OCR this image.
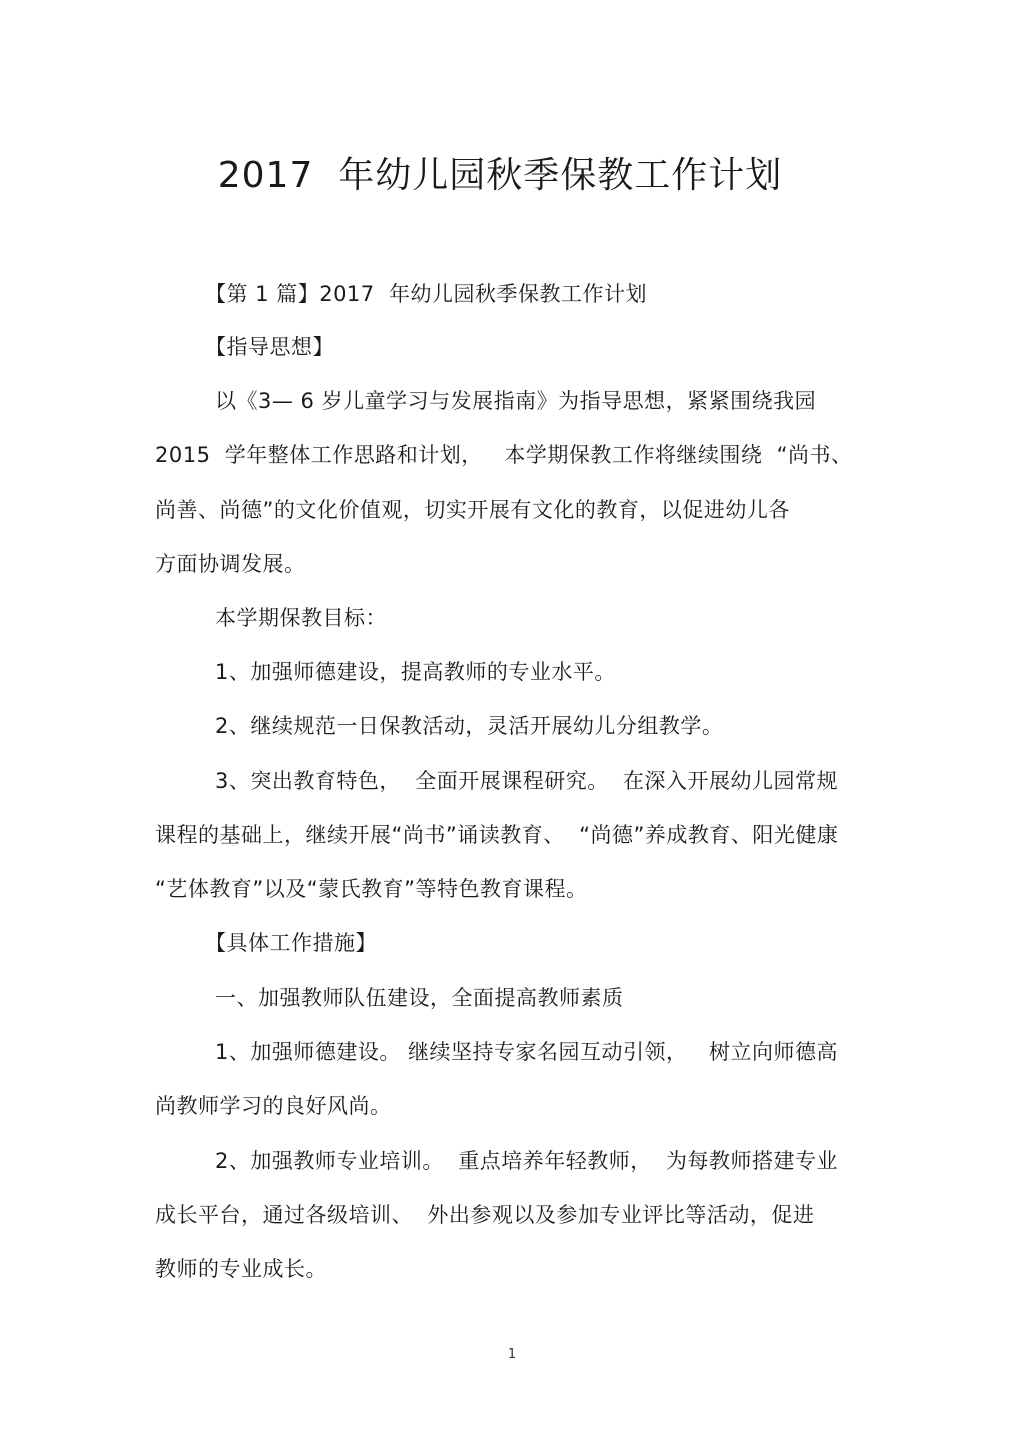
2017  年幼儿园秋季保教工作计划
【第 1 篇】2017  年幼儿园秋季保教工作计划
【指导思想】
以《3— 6 岁儿童学习与发展指南》为指导思想，紧紧围绕我园
2015  学年整体工作思路和计划，   本学期保教工作将继续围绕  “尚书、
尚善、尚德”的文化价值观，切实开展有文化的教育，以促进幼儿各
方面协调发展。
本学期保教目标：
1、加强师德建设，提高教师的专业水平。
2、继续规范一日保教活动，灵活开展幼儿分组教学。
3、突出教育特色，  全面开展课程研究。  在深入开展幼儿园常规
课程的基础上，继续开展“尚书”诵读教育、  “尚德”养成教育、阳光健康
“艺体教育”以及“蒙氏教育”等特色教育课程。
【具体工作措施】
一、加强教师队伍建设，全面提高教师素质
1、加强师德建设。 继续坚持专家名园互动引领，   树立向师德高
尚教师学习的良好风尚。
2、加强教师专业培训。  重点培养年轻教师，  为每教师搭建专业
成长平台，通过各级培训、  外出参观以及参加专业评比等活动，促进
教师的专业成长。
1
